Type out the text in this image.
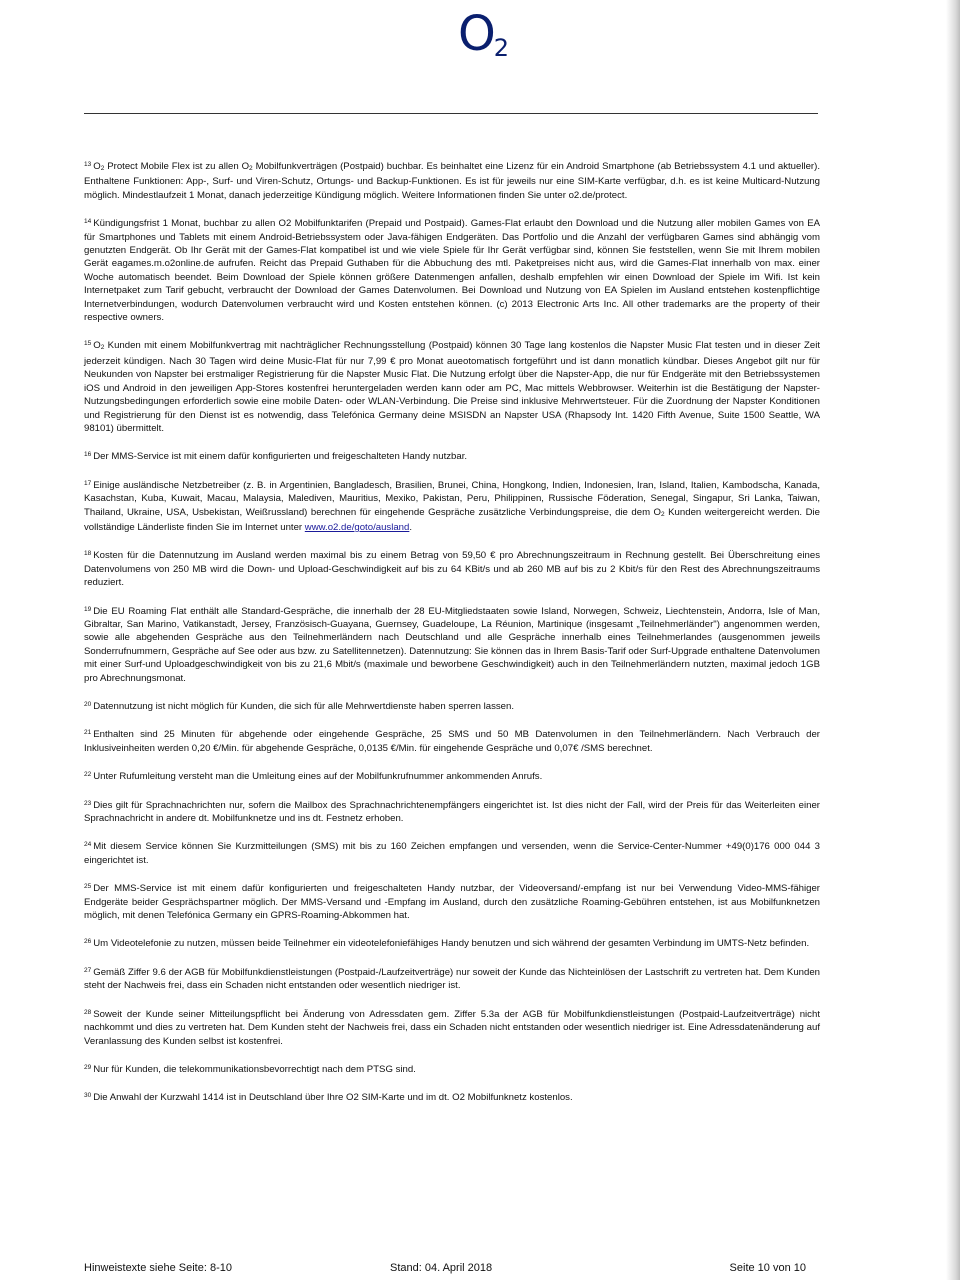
O2

$^{13}$ O2 Protect Mobile Flex ist zu allen O2 Mobilfunkverträgen (Postpaid) buchbar. Es beinhaltet eine Lizenz für ein Android Smartphone (ab Betriebssystem 4.1 und aktueller). Enthaltene Funktionen: App-, Surf- und Viren-Schutz, Ortungs- und Backup-Funktionen. Es ist für jeweils nur eine SIM-Karte verfügbar, d.h. es ist keine Multicard-Nutzung möglich. Mindestlaufzeit 1 Monat, danach jederzeitige Kündigung möglich. Weitere Informationen finden Sie unter o2.de/protect.

$^{14}$ Kündigungsfrist 1 Monat, buchbar zu allen O2 Mobilfunktarifen (Prepaid und Postpaid). Games-Flat erlaubt den Download und die Nutzung aller mobilen Games von EA für Smartphones und Tablets mit einem Android-Betriebssystem oder Java-fähigen Endgeräten. Das Portfolio und die Anzahl der verfügbaren Games sind abhängig vom genutzten Endgerät. Ob Ihr Gerät mit der Games-Flat kompatibel ist und wie viele Spiele für Ihr Gerät verfügbar sind, können Sie feststellen, wenn Sie mit Ihrem mobilen Gerät eagames.m.o2online.de aufrufen. Reicht das Prepaid Guthaben für die Abbuchung des mtl. Paketpreises nicht aus, wird die Games-Flat innerhalb von max. einer Woche automatisch beendet. Beim Download der Spiele können größere Datenmengen anfallen, deshalb empfehlen wir einen Download der Spiele im Wifi. Ist kein Internetpaket zum Tarif gebucht, verbraucht der Download der Games Datenvolumen. Bei Download und Nutzung von EA Spielen im Ausland entstehen kostenpflichtige Internetverbindungen, wodurch Datenvolumen verbraucht wird und Kosten entstehen können. (c) 2013 Electronic Arts Inc. All other trademarks are the property of their respective owners.

$^{15}$ O2 Kunden mit einem Mobilfunkvertrag mit nachträglicher Rechnungsstellung (Postpaid) können 30 Tage lang kostenlos die Napster Music Flat testen und in dieser Zeit jederzeit kündigen. Nach 30 Tagen wird deine Music-Flat für nur 7,99 € pro Monat aueotomatisch fortgeführt und ist dann monatlich kündbar. Dieses Angebot gilt nur für Neukunden von Napster bei erstmaliger Registrierung für die Napster Music Flat. Die Nutzung erfolgt über die Napster-App, die nur für Endgeräte mit den Betriebssystemen iOS und Android in den jeweiligen App-Stores kostenfrei heruntergeladen werden kann oder am PC, Mac mittels Webbrowser. Weiterhin ist die Bestätigung der Napster-Nutzungsbedingungen erforderlich sowie eine mobile Daten- oder WLAN-Verbindung. Die Preise sind inklusive Mehrwertsteuer. Für die Zuordnung der Napster Konditionen und Registrierung für den Dienst ist es notwendig, dass Telefónica Germany deine MSISDN an Napster USA (Rhapsody Int. 1420 Fifth Avenue, Suite 1500 Seattle, WA 98101) übermittelt.

$^{16}$ Der MMS-Service ist mit einem dafür konfigurierten und freigeschalteten Handy nutzbar.

$^{17}$ Einige ausländische Netzbetreiber (z. B. in Argentinien, Bangladesch, Brasilien, Brunei, China, Hongkong, Indien, Indonesien, Iran, Island, Italien, Kambodscha, Kanada, Kasachstan, Kuba, Kuwait, Macau, Malaysia, Malediven, Mauritius, Mexiko, Pakistan, Peru, Philippinen, Russische Föderation, Senegal, Singapur, Sri Lanka, Taiwan, Thailand, Ukraine, USA, Usbekistan, Weißrussland) berechnen für eingehende Gespräche zusätzliche Verbindungspreise, die dem O2 Kunden weitergereicht werden. Die vollständige Länderliste finden Sie im Internet unter www.o2.de/goto/ausland.

$^{18}$ Kosten für die Datennutzung im Ausland werden maximal bis zu einem Betrag von 59,50 € pro Abrechnungszeitraum in Rechnung gestellt. Bei Überschreitung eines Datenvolumens von 250 MB wird die Down- und Upload-Geschwindigkeit auf bis zu 64 KBit/s und ab 260 MB auf bis zu 2 Kbit/s für den Rest des Abrechnungszeitraums reduziert.

$^{19}$ Die EU Roaming Flat enthält alle Standard-Gespräche, die innerhalb der 28 EU-Mitgliedstaaten sowie Island, Norwegen, Schweiz, Liechtenstein, Andorra, Isle of Man, Gibraltar, San Marino, Vatikanstadt, Jersey, Französisch-Guayana, Guernsey, Guadeloupe, La Réunion, Martinique (insgesamt „Teilnehmerländer") angenommen werden, sowie alle abgehenden Gespräche aus den Teilnehmerländern nach Deutschland und alle Gespräche innerhalb eines Teilnehmerlandes (ausgenommen jeweils Sonderrufnummern, Gespräche auf See oder aus bzw. zu Satellitennetzen). Datennutzung: Sie können das in Ihrem Basis-Tarif oder Surf-Upgrade enthaltene Datenvolumen mit einer Surf-und Uploadgeschwindigkeit von bis zu 21,6 Mbit/s (maximale und beworbene Geschwindigkeit) auch in den Teilnehmerländern nutzten, maximal jedoch 1GB pro Abrechnungsmonat.

$^{20}$ Datennutzung ist nicht möglich für Kunden, die sich für alle Mehrwertdienste haben sperren lassen.

$^{21}$ Enthalten sind 25 Minuten für abgehende oder eingehende Gespräche, 25 SMS und 50 MB Datenvolumen in den Teilnehmerländern. Nach Verbrauch der Inklusiveinheiten werden 0,20 €/Min. für abgehende Gespräche, 0,0135 €/Min. für eingehende Gespräche und 0,07€ /SMS berechnet.

$^{22}$ Unter Rufumleitung versteht man die Umleitung eines auf der Mobilfunkrufnummer ankommenden Anrufs.

$^{23}$ Dies gilt für Sprachnachrichten nur, sofern die Mailbox des Sprachnachrichtenempfängers eingerichtet ist. Ist dies nicht der Fall, wird der Preis für das Weiterleiten einer Sprachnachricht in andere dt. Mobilfunknetze und ins dt. Festnetz erhoben.

$^{24}$ Mit diesem Service können Sie Kurzmitteilungen (SMS) mit bis zu 160 Zeichen empfangen und versenden, wenn die Service-Center-Nummer +49(0)176 000 044 3 eingerichtet ist.

$^{25}$ Der MMS-Service ist mit einem dafür konfigurierten und freigeschalteten Handy nutzbar, der Videoversand/-empfang ist nur bei Verwendung Video-MMS-fähiger Endgeräte beider Gesprächspartner möglich. Der MMS-Versand und -Empfang im Ausland, durch den zusätzliche Roaming-Gebühren entstehen, ist aus Mobilfunknetzen möglich, mit denen Telefónica Germany ein GPRS-Roaming-Abkommen hat.

$^{26}$ Um Videotelefonie zu nutzen, müssen beide Teilnehmer ein videotelefoniefähiges Handy benutzen und sich während der gesamten Verbindung im UMTS-Netz befinden.

$^{27}$ Gemäß Ziffer 9.6 der AGB für Mobilfunkdienstleistungen (Postpaid-/Laufzeitverträge) nur soweit der Kunde das Nichteinlösen der Lastschrift zu vertreten hat. Dem Kunden steht der Nachweis frei, dass ein Schaden nicht entstanden oder wesentlich niedriger ist.

$^{28}$ Soweit der Kunde seiner Mitteilungspflicht bei Änderung von Adressdaten gem. Ziffer 5.3a der AGB für Mobilfunkdienstleistungen (Postpaid-Laufzeitverträge) nicht nachkommt und dies zu vertreten hat. Dem Kunden steht der Nachweis frei, dass ein Schaden nicht entstanden oder wesentlich niedriger ist. Eine Adressdatenänderung auf Veranlassung des Kunden selbst ist kostenfrei.

$^{29}$ Nur für Kunden, die telekommunikationsbevorrechtigt nach dem PTSG sind.

$^{30}$ Die Anwahl der Kurzwahl 1414 ist in Deutschland über Ihre O2 SIM-Karte und im dt. O2 Mobilfunknetz kostenlos.

Hinweistexte siehe Seite: 8-10	Stand: 04. April 2018	Seite 10 von 10
